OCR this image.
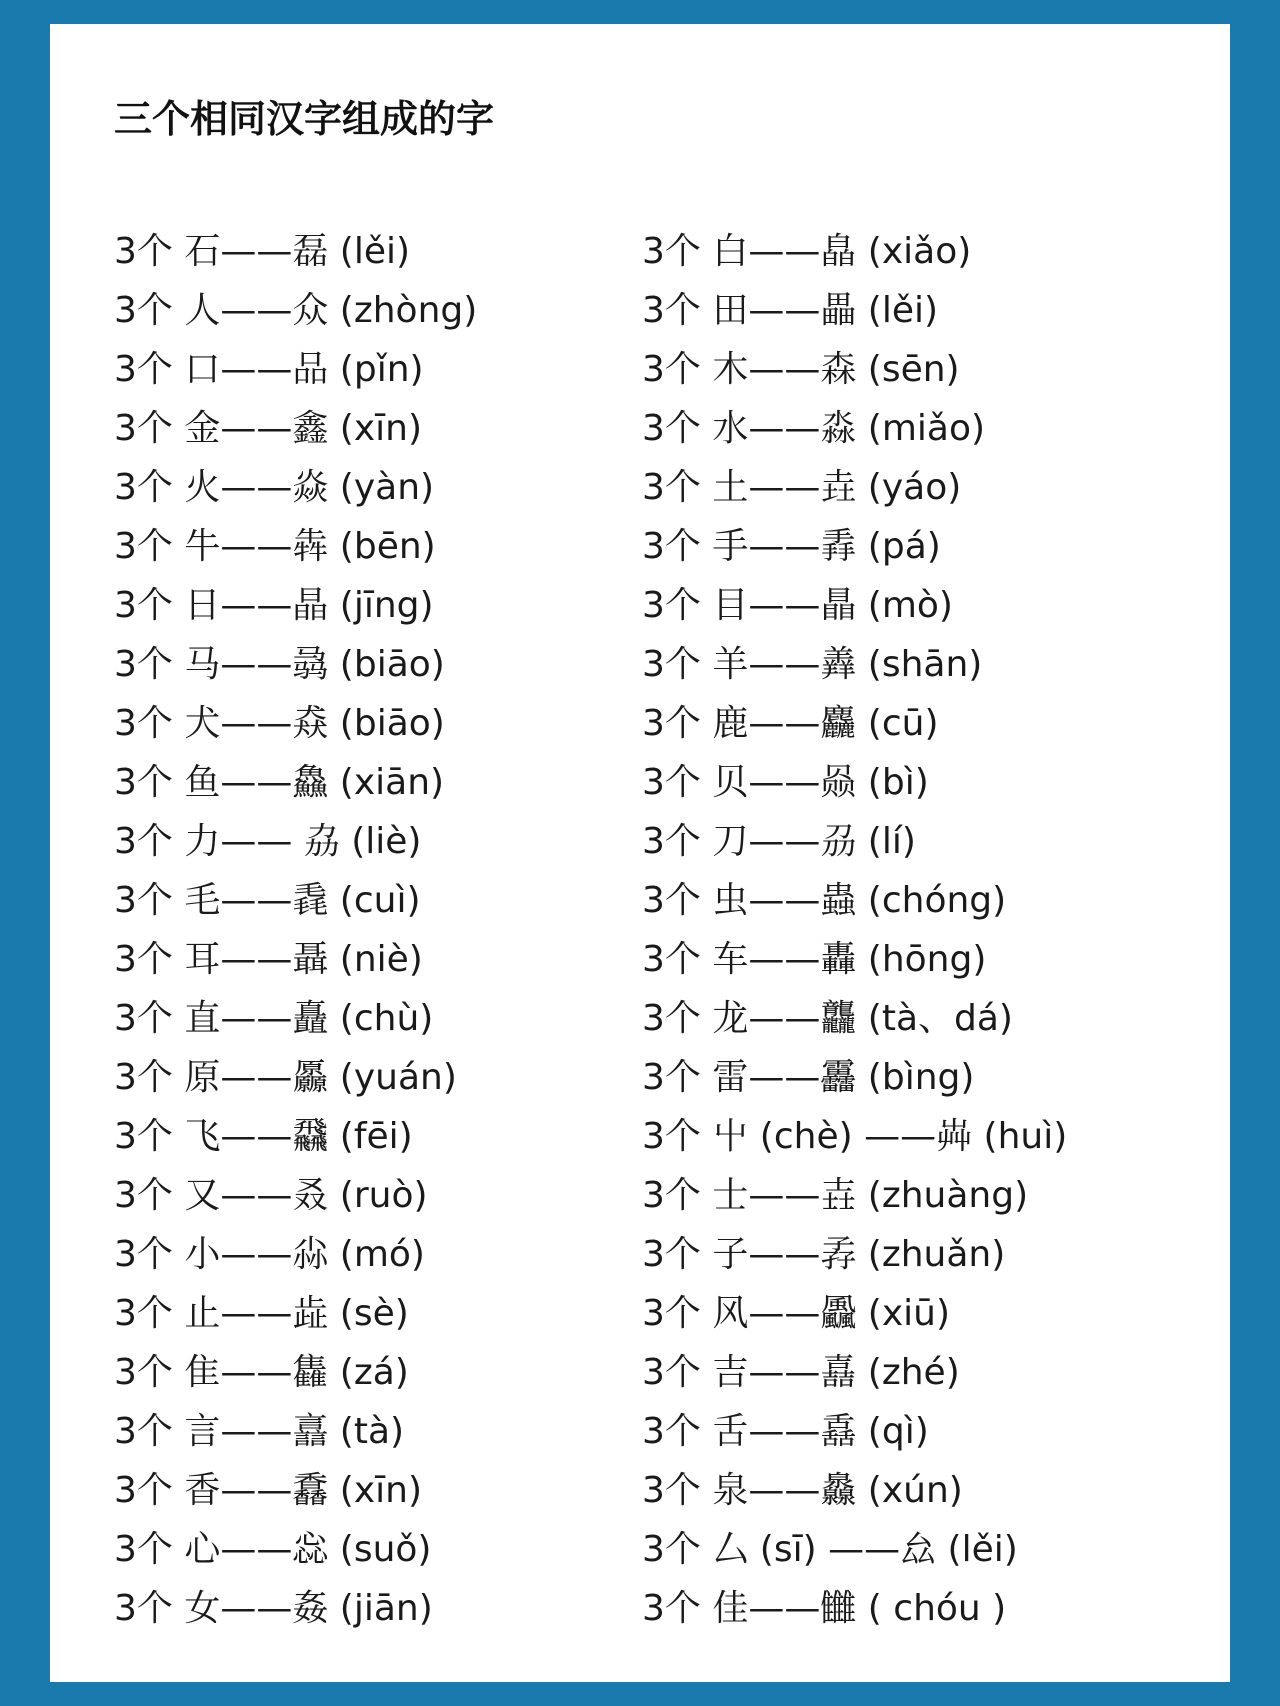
三个相同汉字组成的字
3个 石——磊 (lěi)
3个 人——众 (zhòng)
3个 口——品 (pǐn)
3个 金——鑫 (xīn)
3个 火——焱 (yàn)
3个 牛——犇 (bēn)
3个 日——晶 (jīng)
3个 马——骉 (biāo)
3个 犬——猋 (biāo)
3个 鱼——鱻 (xiān)
3个 力—— 劦 (liè)
3个 毛——毳 (cuì)
3个 耳——聶 (niè)
3个 直——矗 (chù)
3个 原——厵 (yuán)
3个 飞——飝 (fēi)
3个 又——叒 (ruò)
3个 小——尛 (mó)
3个 止——歮 (sè)
3个 隹——雥 (zá)
3个 言——譶 (tà)
3个 香——馫 (xīn)
3个 心——惢 (suǒ)
3个 女——姦 (jiān)
3个 白——皛 (xiǎo)
3个 田——畾 (lěi)
3个 木——森 (sēn)
3个 水——淼 (miǎo)
3个 土——垚 (yáo)
3个 手——掱 (pá)
3个 目——瞐 (mò)
3个 羊——羴 (shān)
3个 鹿——麤 (cū)
3个 贝——赑 (bì)
3个 刀——刕 (lí)
3个 虫——蟲 (chóng)
3个 车——轟 (hōng)
3个 龙——龘 (tà、dá)
3个 雷——靐 (bìng)
3个 屮 (chè) ——芔 (huì)
3个 士——壵 (zhuàng)
3个 子——孨 (zhuǎn)
3个 风——飍 (xiū)
3个 吉——嚞 (zhé)
3个 舌——舙 (qì)
3个 泉——灥 (xún)
3个 厶 (sī) ——厽 (lěi)
3个 佳——雦 ( chóu )
